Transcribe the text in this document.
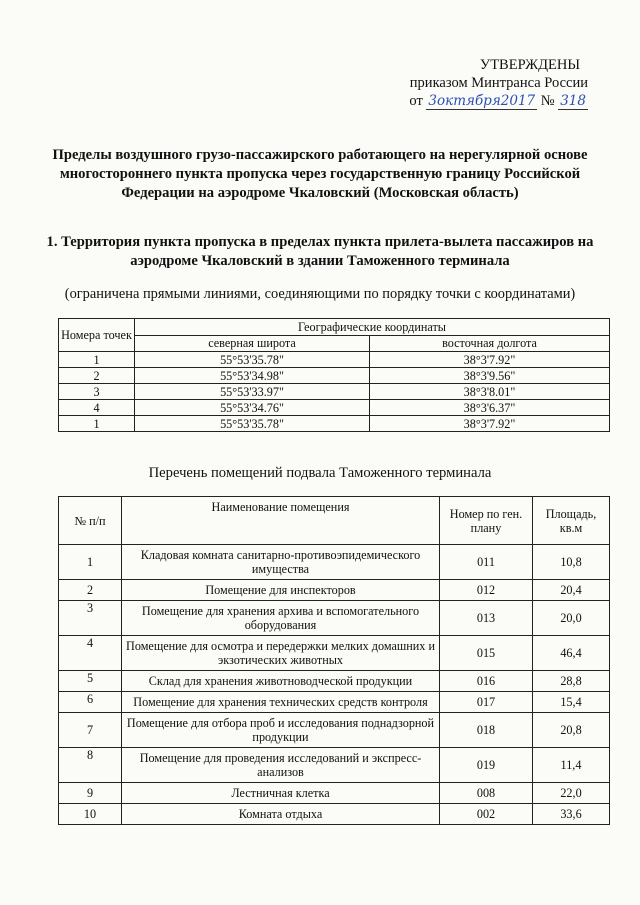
УТВЕРЖДЕНЫ
приказом Минтранса России
от 3октября2017 № 318
Пределы воздушного грузо-пассажирского работающего на нерегулярной основе многостороннего пункта пропуска через государственную границу Российской Федерации на аэродроме Чкаловский (Московская область)
1. Территория пункта пропуска в пределах пункта прилета-вылета пассажиров на аэродроме Чкаловский в здании Таможенного терминала
(ограничена прямыми линиями, соединяющими по порядку точки с координатами)
Номера точек	Географические координаты	
	северная широта	восточная долгота
1	55°53'35.78"	38°3'7.92"
2	55°53'34.98"	38°3'9.56"
3	55°53'33.97"	38°3'8.01"
4	55°53'34.76"	38°3'6.37"
1	55°53'35.78"	38°3'7.92"
Перечень помещений подвала Таможенного терминала
№ п/п	Наименование помещения	Номер по ген. плану	Площадь, кв.м
1	Кладовая комната санитарно-противоэпидемического имущества	011	10,8
2	Помещение для инспекторов	012	20,4
3	Помещение для хранения архива и вспомогательного оборудования	013	20,0
4	Помещение для осмотра и передержки мелких домашних и экзотических животных	015	46,4
5	Склад для хранения животноводческой продукции	016	28,8
6	Помещение для хранения технических средств контроля	017	15,4
7	Помещение для отбора проб и исследования поднадзорной продукции	018	20,8
8	Помещение для проведения исследований и экспресс-анализов	019	11,4
9	Лестничная клетка	008	22,0
10	Комната отдыха	002	33,6
